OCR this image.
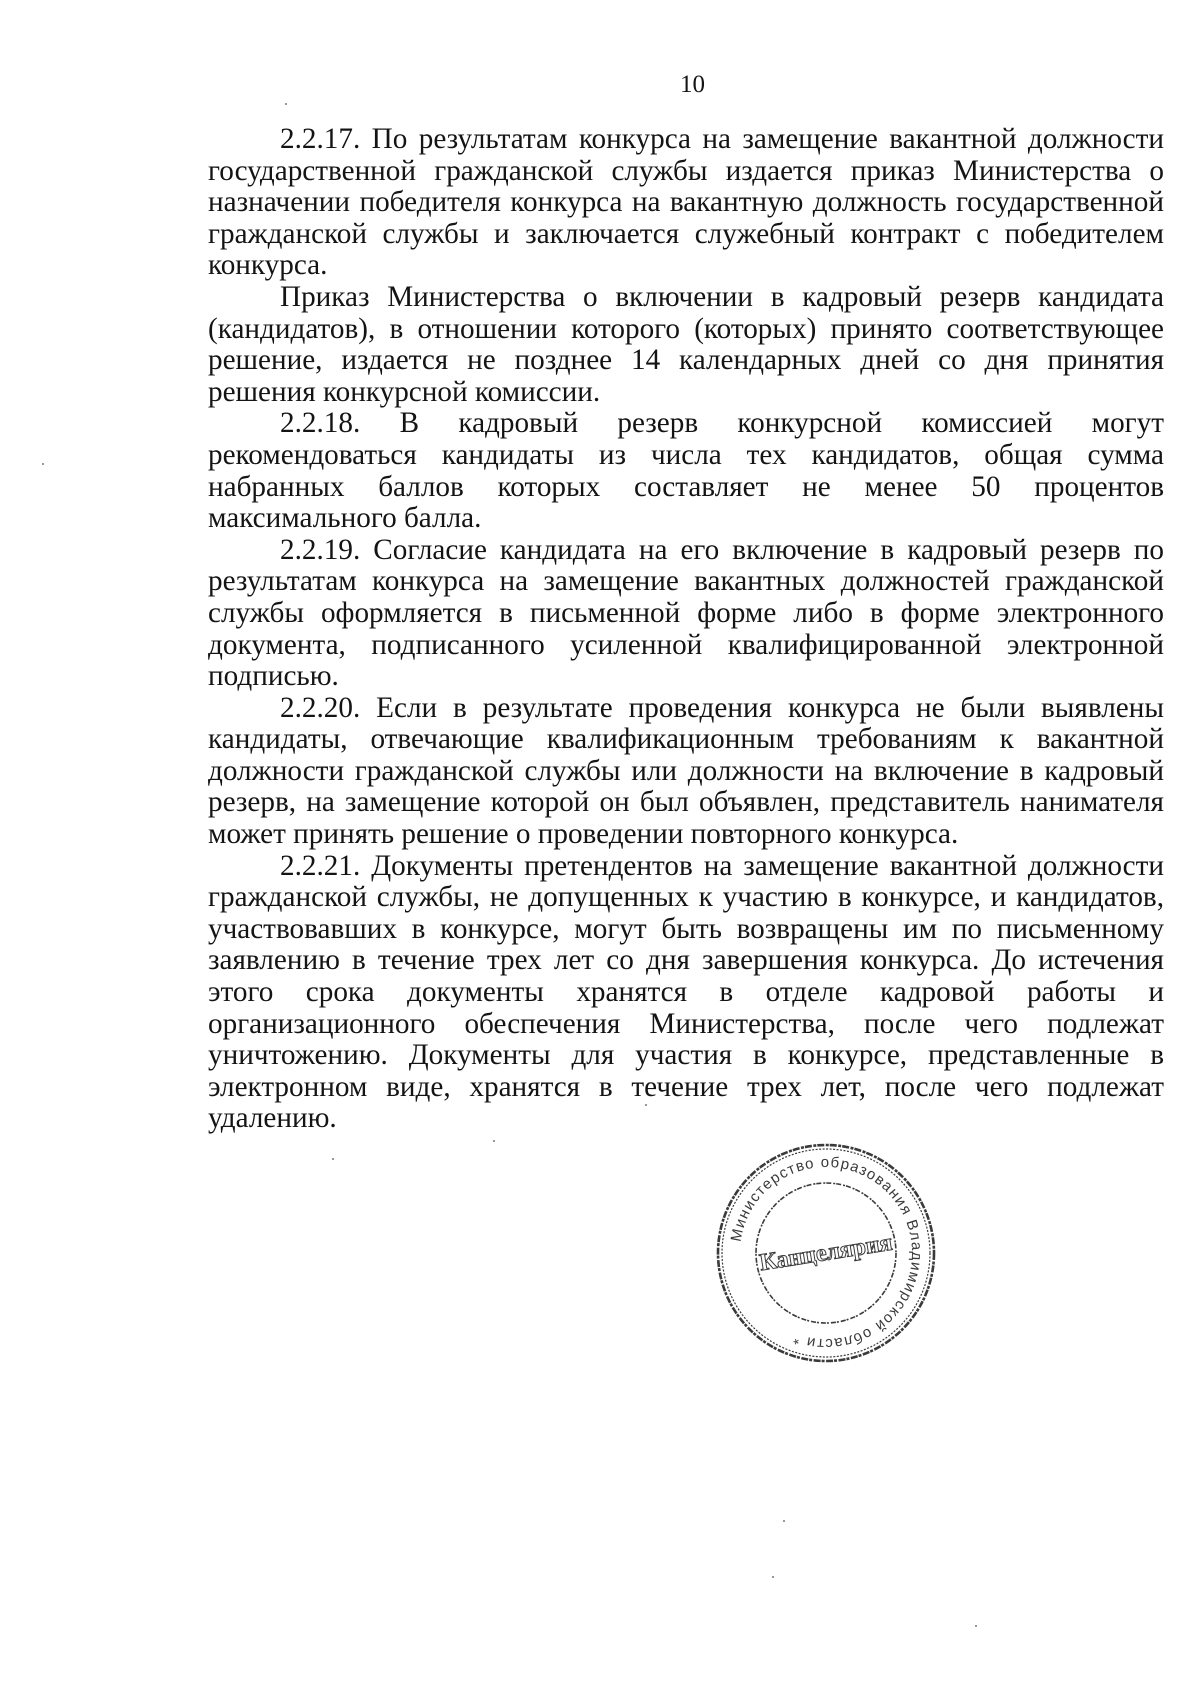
10

2.2.17. По результатам конкурса на замещение вакантной должности государственной гражданской службы издается приказ Министерства о назначении победителя конкурса на вакантную должность государственной гражданской службы и заключается служебный контракт с победителем конкурса.

Приказ Министерства о включении в кадровый резерв кандидата (кандидатов), в отношении которого (которых) принято соответствующее решение, издается не позднее 14 календарных дней со дня принятия решения конкурсной комиссии.

2.2.18. В кадровый резерв конкурсной комиссией могут рекомендоваться кандидаты из числа тех кандидатов, общая сумма набранных баллов которых составляет не менее 50 процентов максимального балла.

2.2.19. Согласие кандидата на его включение в кадровый резерв по результатам конкурса на замещение вакантных должностей гражданской службы оформляется в письменной форме либо в форме электронного документа, подписанного усиленной квалифицированной электронной подписью.

2.2.20. Если в результате проведения конкурса не были выявлены кандидаты, отвечающие квалификационным требованиям к вакантной должности гражданской службы или должности на включение в кадровый резерв, на замещение которой он был объявлен, представитель нанимателя может принять решение о проведении повторного конкурса.

2.2.21. Документы претендентов на замещение вакантной должности гражданской службы, не допущенных к участию в конкурсе, и кандидатов, участвовавших в конкурсе, могут быть возвращены им по письменному заявлению в течение трех лет со дня завершения конкурса. До истечения этого срока документы хранятся в отделе кадровой работы и организационного обеспечения Министерства, после чего подлежат уничтожению. Документы для участия в конкурсе, представленные в электронном виде, хранятся в течение трех лет, после чего подлежат удалению.

Министерство образования Владимирской области *
Канцелярия
